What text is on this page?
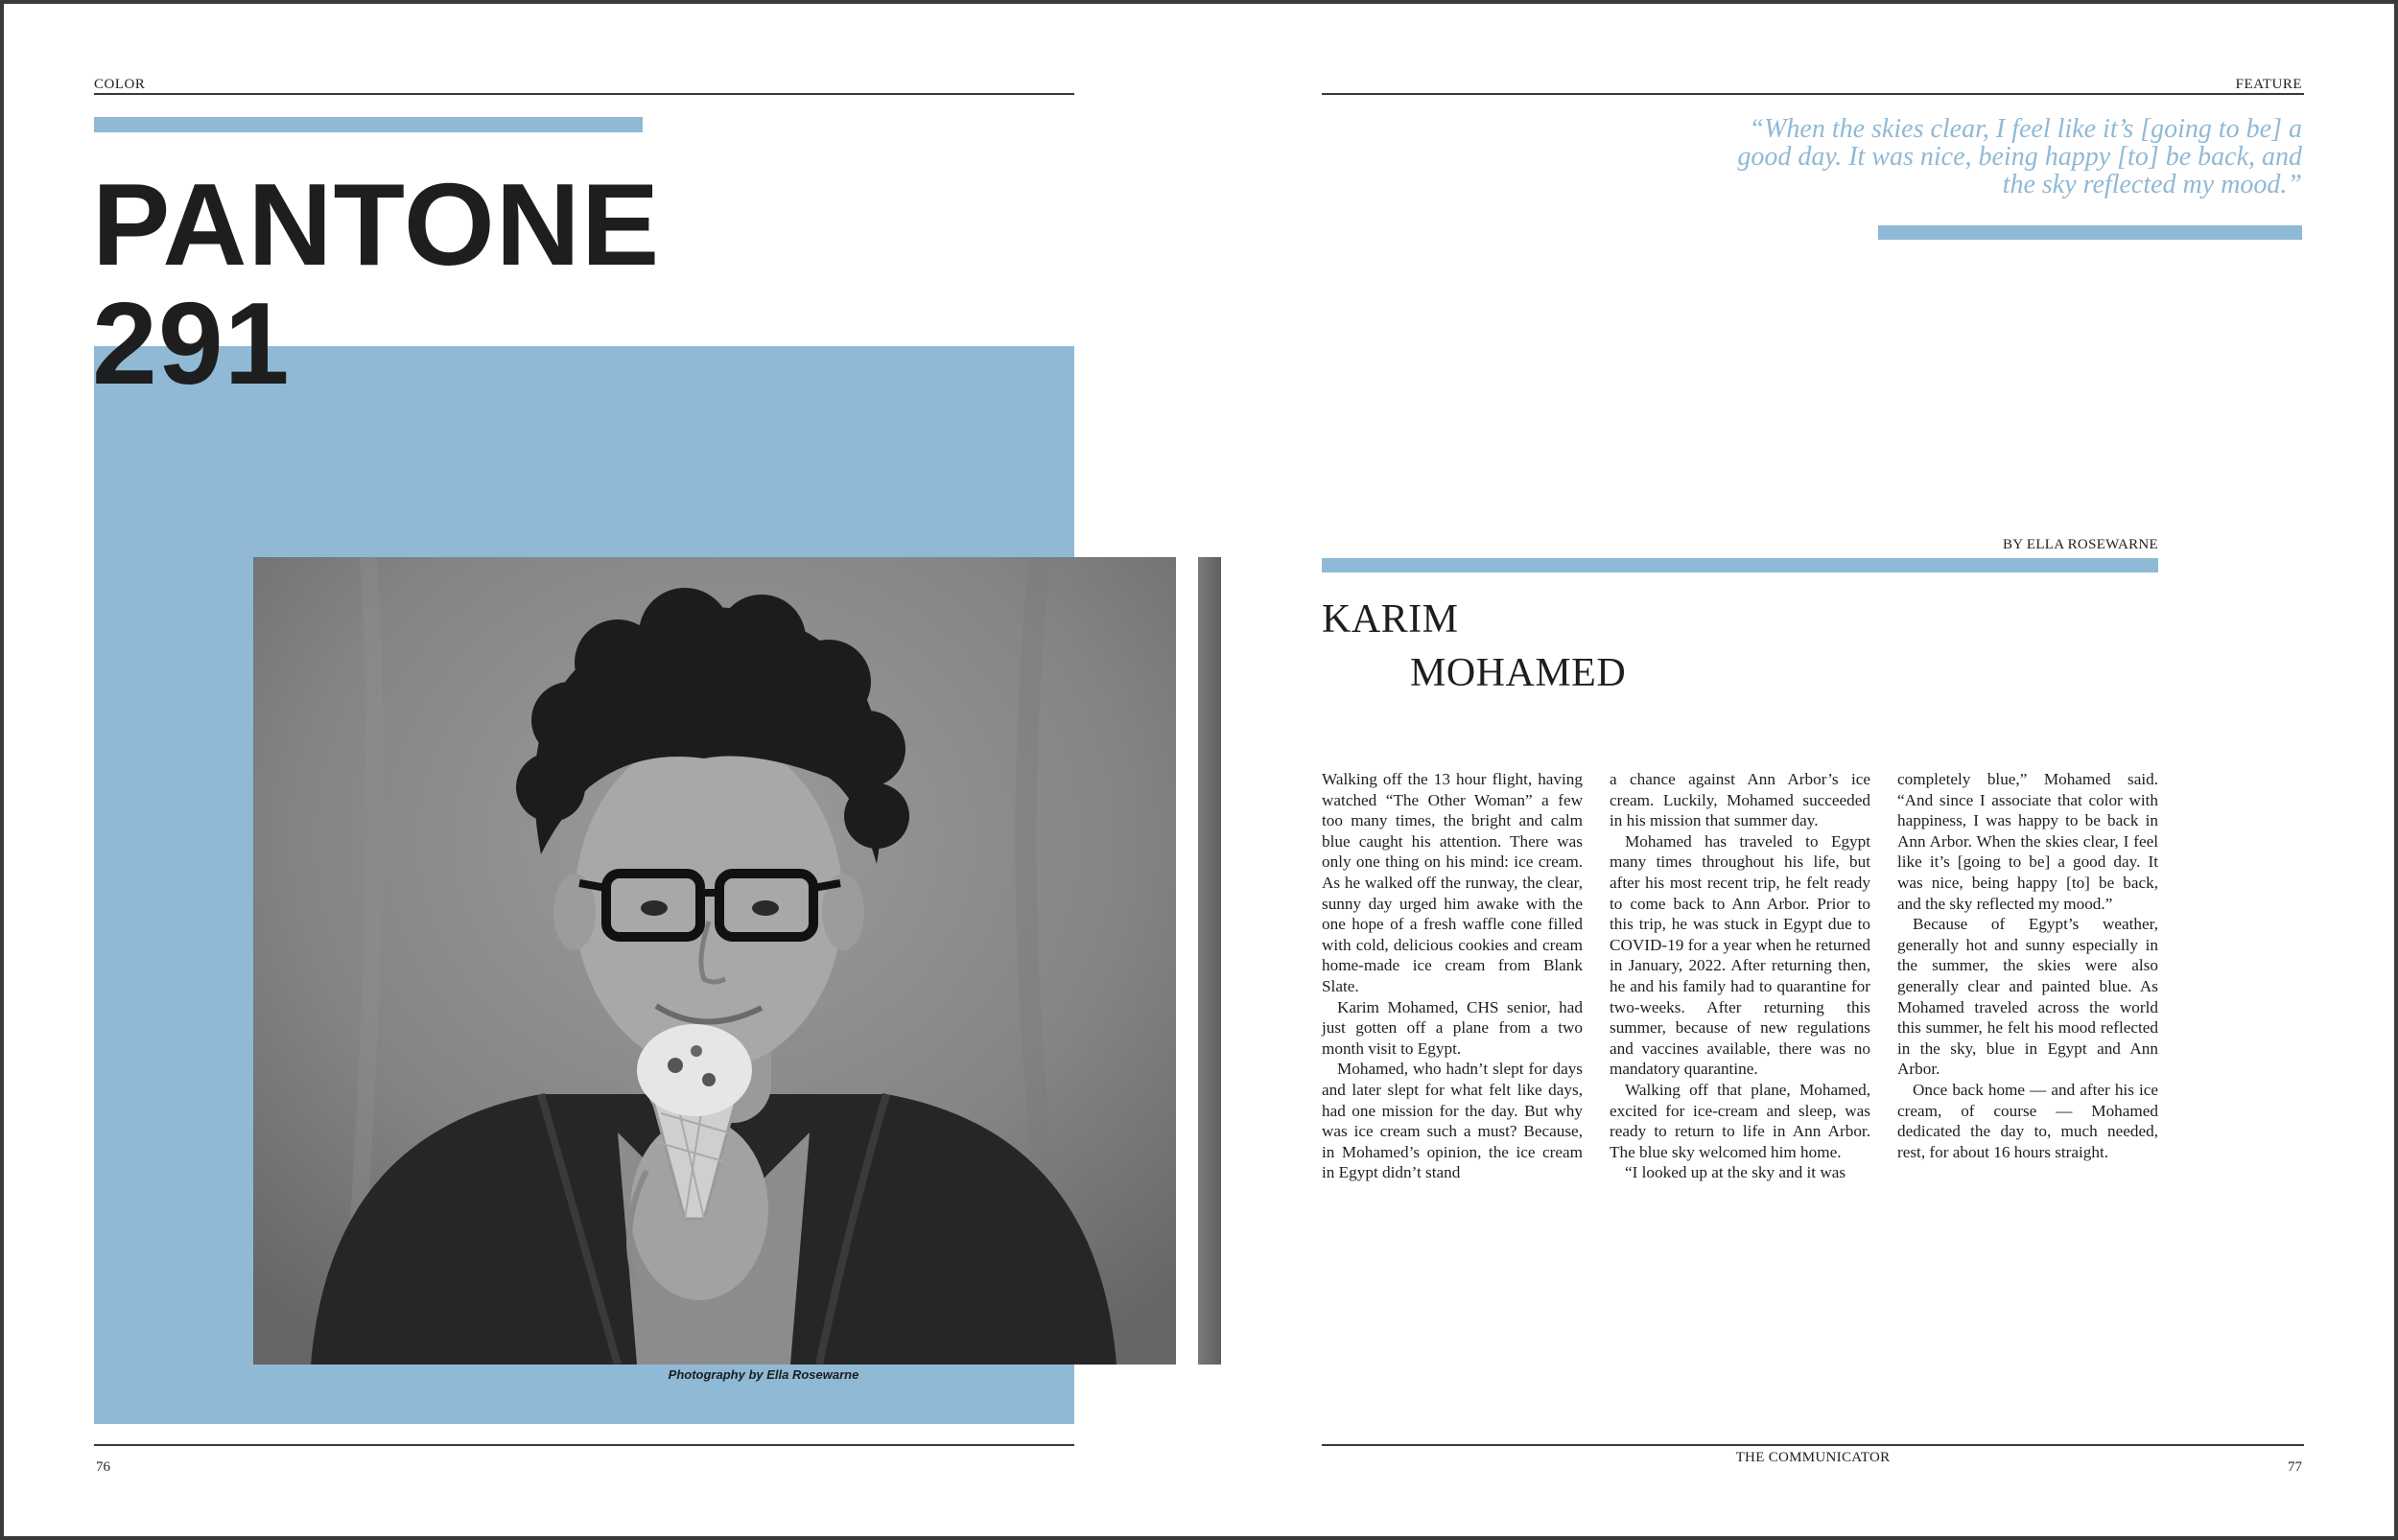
COLOR
PANTONE
291
Photography by Ella Rosewarne
76
FEATURE
“When the skies clear, I feel like it’s [going to be] a good day. It was nice, being happy [to] be back, and the sky reflected my mood.”
BY ELLA ROSEWARNE
KARIM
MOHAMED

Walking off the 13 hour flight, having watched “The Other Woman” a few too many times, the bright and calm blue caught his attention. There was only one thing on his mind: ice cream. As he walked off the runway, the clear, sunny day urged him awake with the one hope of a fresh waffle cone filled with cold, delicious cookies and cream home-made ice cream from Blank Slate.

Karim Mohamed, CHS senior, had just gotten off a plane from a two month visit to Egypt.

Mohamed, who hadn’t slept for days and later slept for what felt like days, had one mission for the day. But why was ice cream such a must? Because, in Mohamed’s opinion, the ice cream in Egypt didn’t stand

a chance against Ann Arbor’s ice cream. Luckily, Mohamed succeeded in his mission that summer day.

Mohamed has traveled to Egypt many times throughout his life, but after his most recent trip, he felt ready to come back to Ann Arbor. Prior to this trip, he was stuck in Egypt due to COVID-19 for a year when he returned in January, 2022. After returning then, he and his family had to quarantine for two-weeks. After returning this summer, because of new regulations and vaccines available, there was no mandatory quarantine.

Walking off that plane, Mohamed, excited for ice-cream and sleep, was ready to return to life in Ann Arbor. The blue sky welcomed him home.

“I looked up at the sky and it was

completely blue,” Mohamed said. “And since I associate that color with happiness, I was happy to be back in Ann Arbor. When the skies clear, I feel like it’s [going to be] a good day. It was nice, being happy [to] be back, and the sky reflected my mood.”

Because of Egypt’s weather, generally hot and sunny especially in the summer, the skies were also generally clear and painted blue. As Mohamed traveled across the world this summer, he felt his mood reflected in the sky, blue in Egypt and Ann Arbor.

Once back home — and after his ice cream, of course — Mohamed dedicated the day to, much needed, rest, for about 16 hours straight.

THE COMMUNICATOR
77
